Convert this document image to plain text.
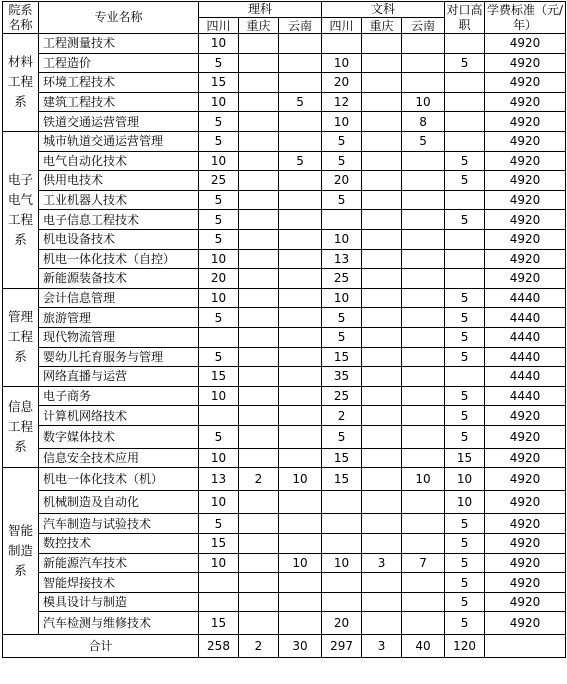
院系名称	专业名称	理科			文科			对口高职	学费标准（元/年）
		四川	重庆	云南	四川	重庆	云南		
材料工程系	工程测量技术	10							4920
	工程造价	5			10			5	4920
	环境工程技术	15			20				4920
	建筑工程技术	10		5	12		10		4920
	铁道交通运营管理	5			10		8		4920
电子电气工程系	城市轨道交通运营管理	5			5		5		4920
	电气自动化技术	10		5	5			5	4920
	供用电技术	25			20			5	4920
	工业机器人技术	5			5				4920
	电子信息工程技术	5						5	4920
	机电设备技术	5			10				4920
	机电一体化技术（自控）	10			13				4920
	新能源装备技术	20			25				4920
管理工程系	会计信息管理	10			10			5	4440
	旅游管理	5			5			5	4440
	现代物流管理				5			5	4440
	婴幼儿托育服务与管理	5			15			5	4440
	网络直播与运营	15			35				4440
信息工程系	电子商务	10			25			5	4440
	计算机网络技术				2			5	4920
	数字媒体技术	5			5			5	4920
	信息安全技术应用	10			15			15	4920
智能制造系	机电一体化技术（机）	13	2	10	15		10	10	4920
	机械制造及自动化	10						10	4920
	汽车制造与试验技术	5						5	4920
	数控技术	15						5	4920
	新能源汽车技术	10		10	10	3	7	5	4920
	智能焊接技术							5	4920
	模具设计与制造							5	4920
	汽车检测与维修技术	15			20			5	4920
合计		258	2	30	297	3	40	120	
